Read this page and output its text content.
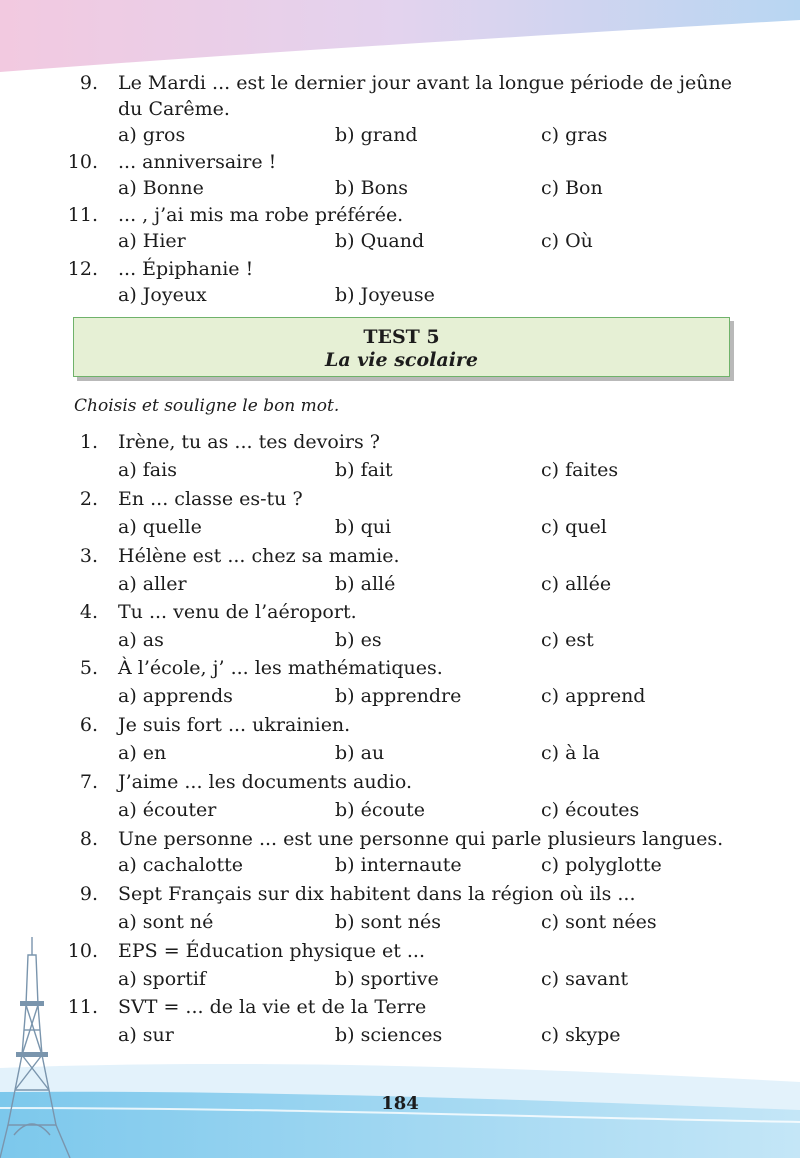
9. Le Mardi ... est le dernier jour avant la longue période de jeûne
du Carême.
a) gros	b) grand	c) gras
10. ... anniversaire !
a) Bonne	b) Bons	c) Bon
11. ... , j’ai mis ma robe préférée.
a) Hier	b) Quand	c) Où
12. ... Épiphanie !
a) Joyeux	b) Joyeuse
TEST 5
La vie scolaire
Choisis et souligne le bon mot.
1. Irène, tu as ... tes devoirs ?
a) fais	b) fait	c) faites
2. En ... classe es-tu ?
a) quelle	b) qui	c) quel
3. Hélène est ... chez sa mamie.
a) aller	b) allé	c) allée
4. Tu ... venu de l’aéroport.
a) as	b) es	c) est
5. À l’école, j’ ... les mathématiques.
a) apprends	b) apprendre	c) apprend
6. Je suis fort ... ukrainien.
a) en	b) au	c) à la
7. J’aime ... les documents audio.
a) écouter	b) écoute	c) écoutes
8. Une personne ... est une personne qui parle plusieurs langues.
a) cachalotte	b) internaute	c) polyglotte
9. Sept Français sur dix habitent dans la région où ils ...
a) sont né	b) sont nés	c) sont nées
10. EPS = Éducation physique et ...
a) sportif	b) sportive	c) savant
11. SVT = ... de la vie et de la Terre
a) sur	b) sciences	c) skype
184
